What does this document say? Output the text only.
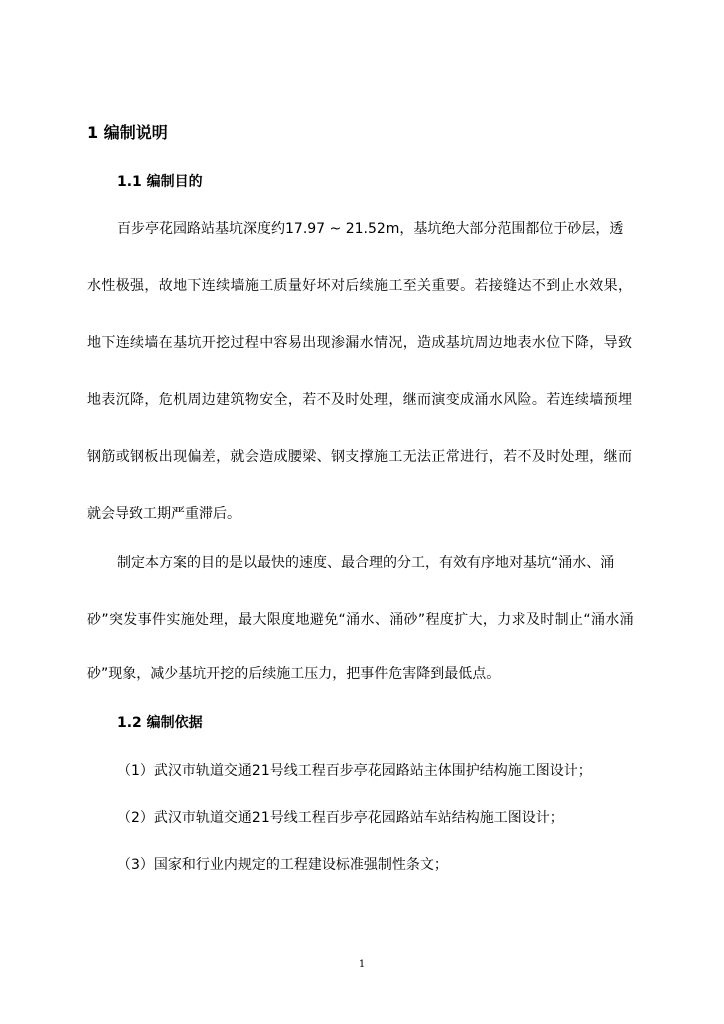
1 编制说明
1.1 编制目的
百步亭花园路站基坑深度约17.97 ~ 21.52m，基坑绝大部分范围都位于砂层，透
水性极强，故地下连续墙施工质量好坏对后续施工至关重要。若接缝达不到止水效果，
地下连续墙在基坑开挖过程中容易出现渗漏水情况，造成基坑周边地表水位下降，导致
地表沉降，危机周边建筑物安全，若不及时处理，继而演变成涌水风险。若连续墙预埋
钢筋或钢板出现偏差，就会造成腰梁、钢支撑施工无法正常进行，若不及时处理，继而
就会导致工期严重滞后。
制定本方案的目的是以最快的速度、最合理的分工，有效有序地对基坑“涌水、涌
砂”突发事件实施处理，最大限度地避免“涌水、涌砂”程度扩大，力求及时制止“涌水涌
砂”现象，减少基坑开挖的后续施工压力，把事件危害降到最低点。
1.2 编制依据
（1）武汉市轨道交通21号线工程百步亭花园路站主体围护结构施工图设计；
（2）武汉市轨道交通21号线工程百步亭花园路站车站结构施工图设计；
（3）国家和行业内规定的工程建设标准强制性条文；
1
